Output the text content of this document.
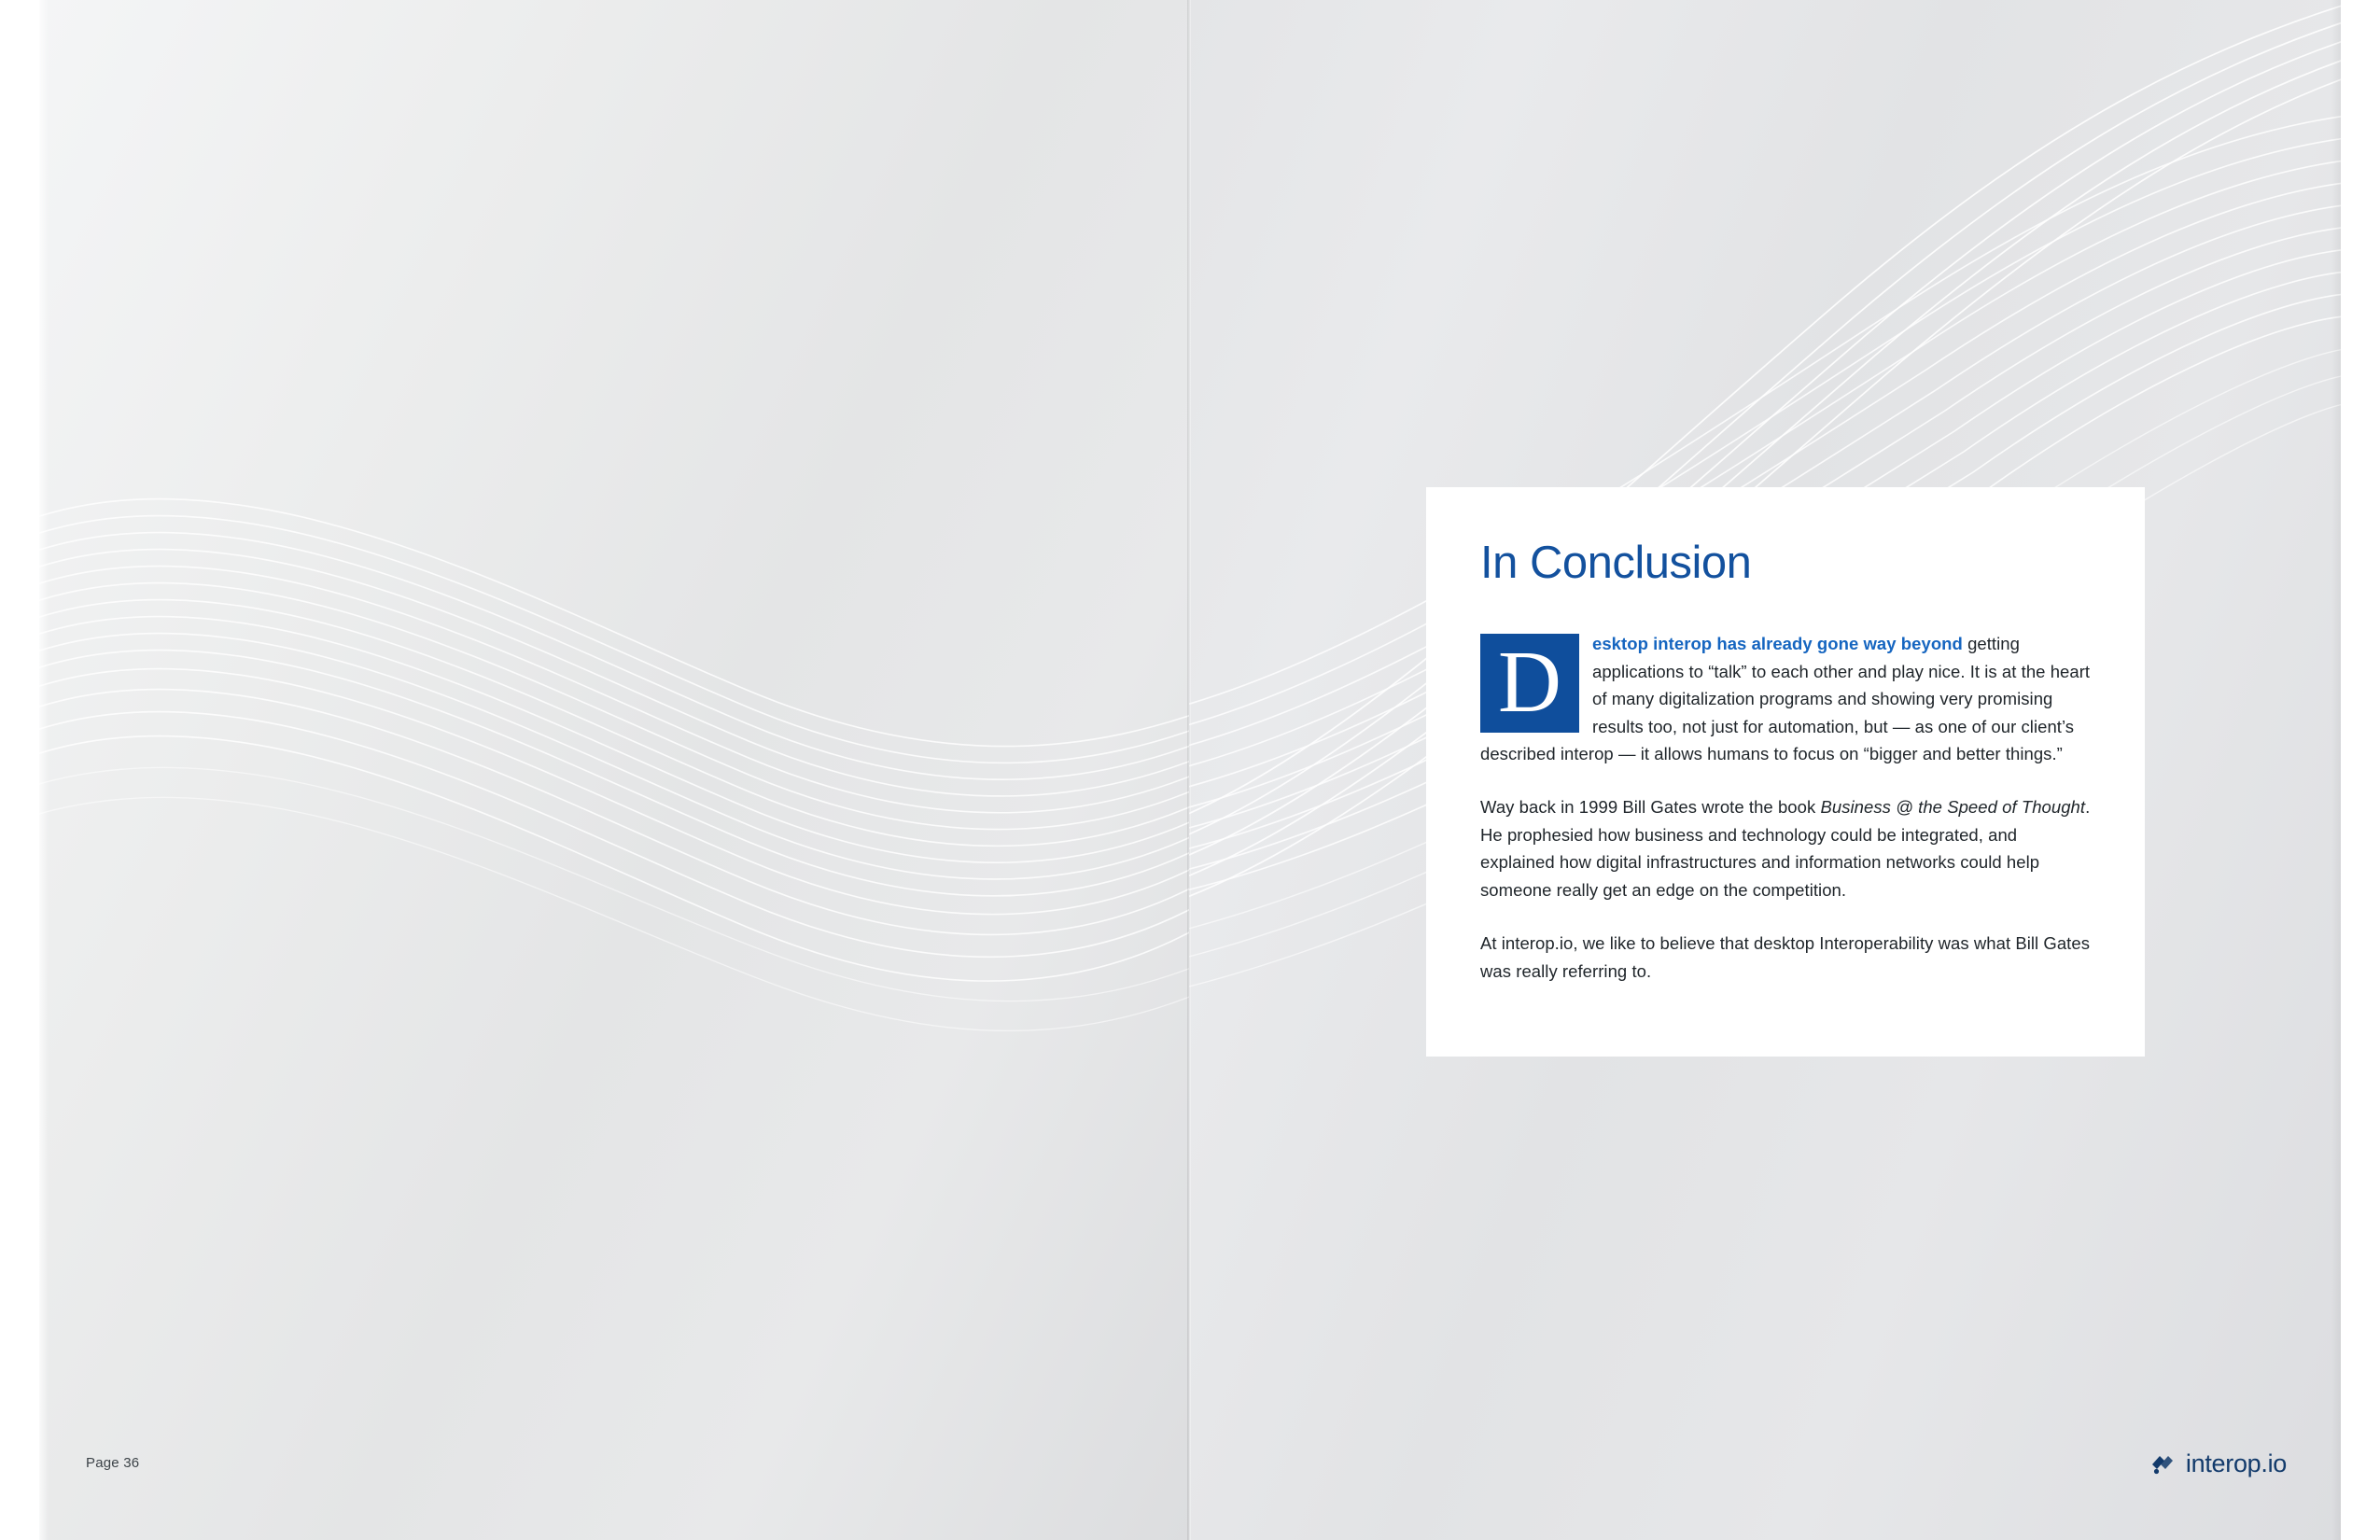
Page 36	interop.io
In Conclusion
D	esktop interop has already gone way beyond getting applications to “talk” to each other and play nice. It is at the heart of many digitalization programs and showing very promising results too, not just for automation, but — as one of our client’s described interop — it allows humans to focus on “bigger and better things.”

Way back in 1999 Bill Gates wrote the book Business @ the Speed of Thought. He prophesied how business and technology could be integrated, and explained how digital infrastructures and information networks could help someone really get an edge on the competition.

At interop.io, we like to believe that desktop Interoperability was what Bill Gates was really referring to.
